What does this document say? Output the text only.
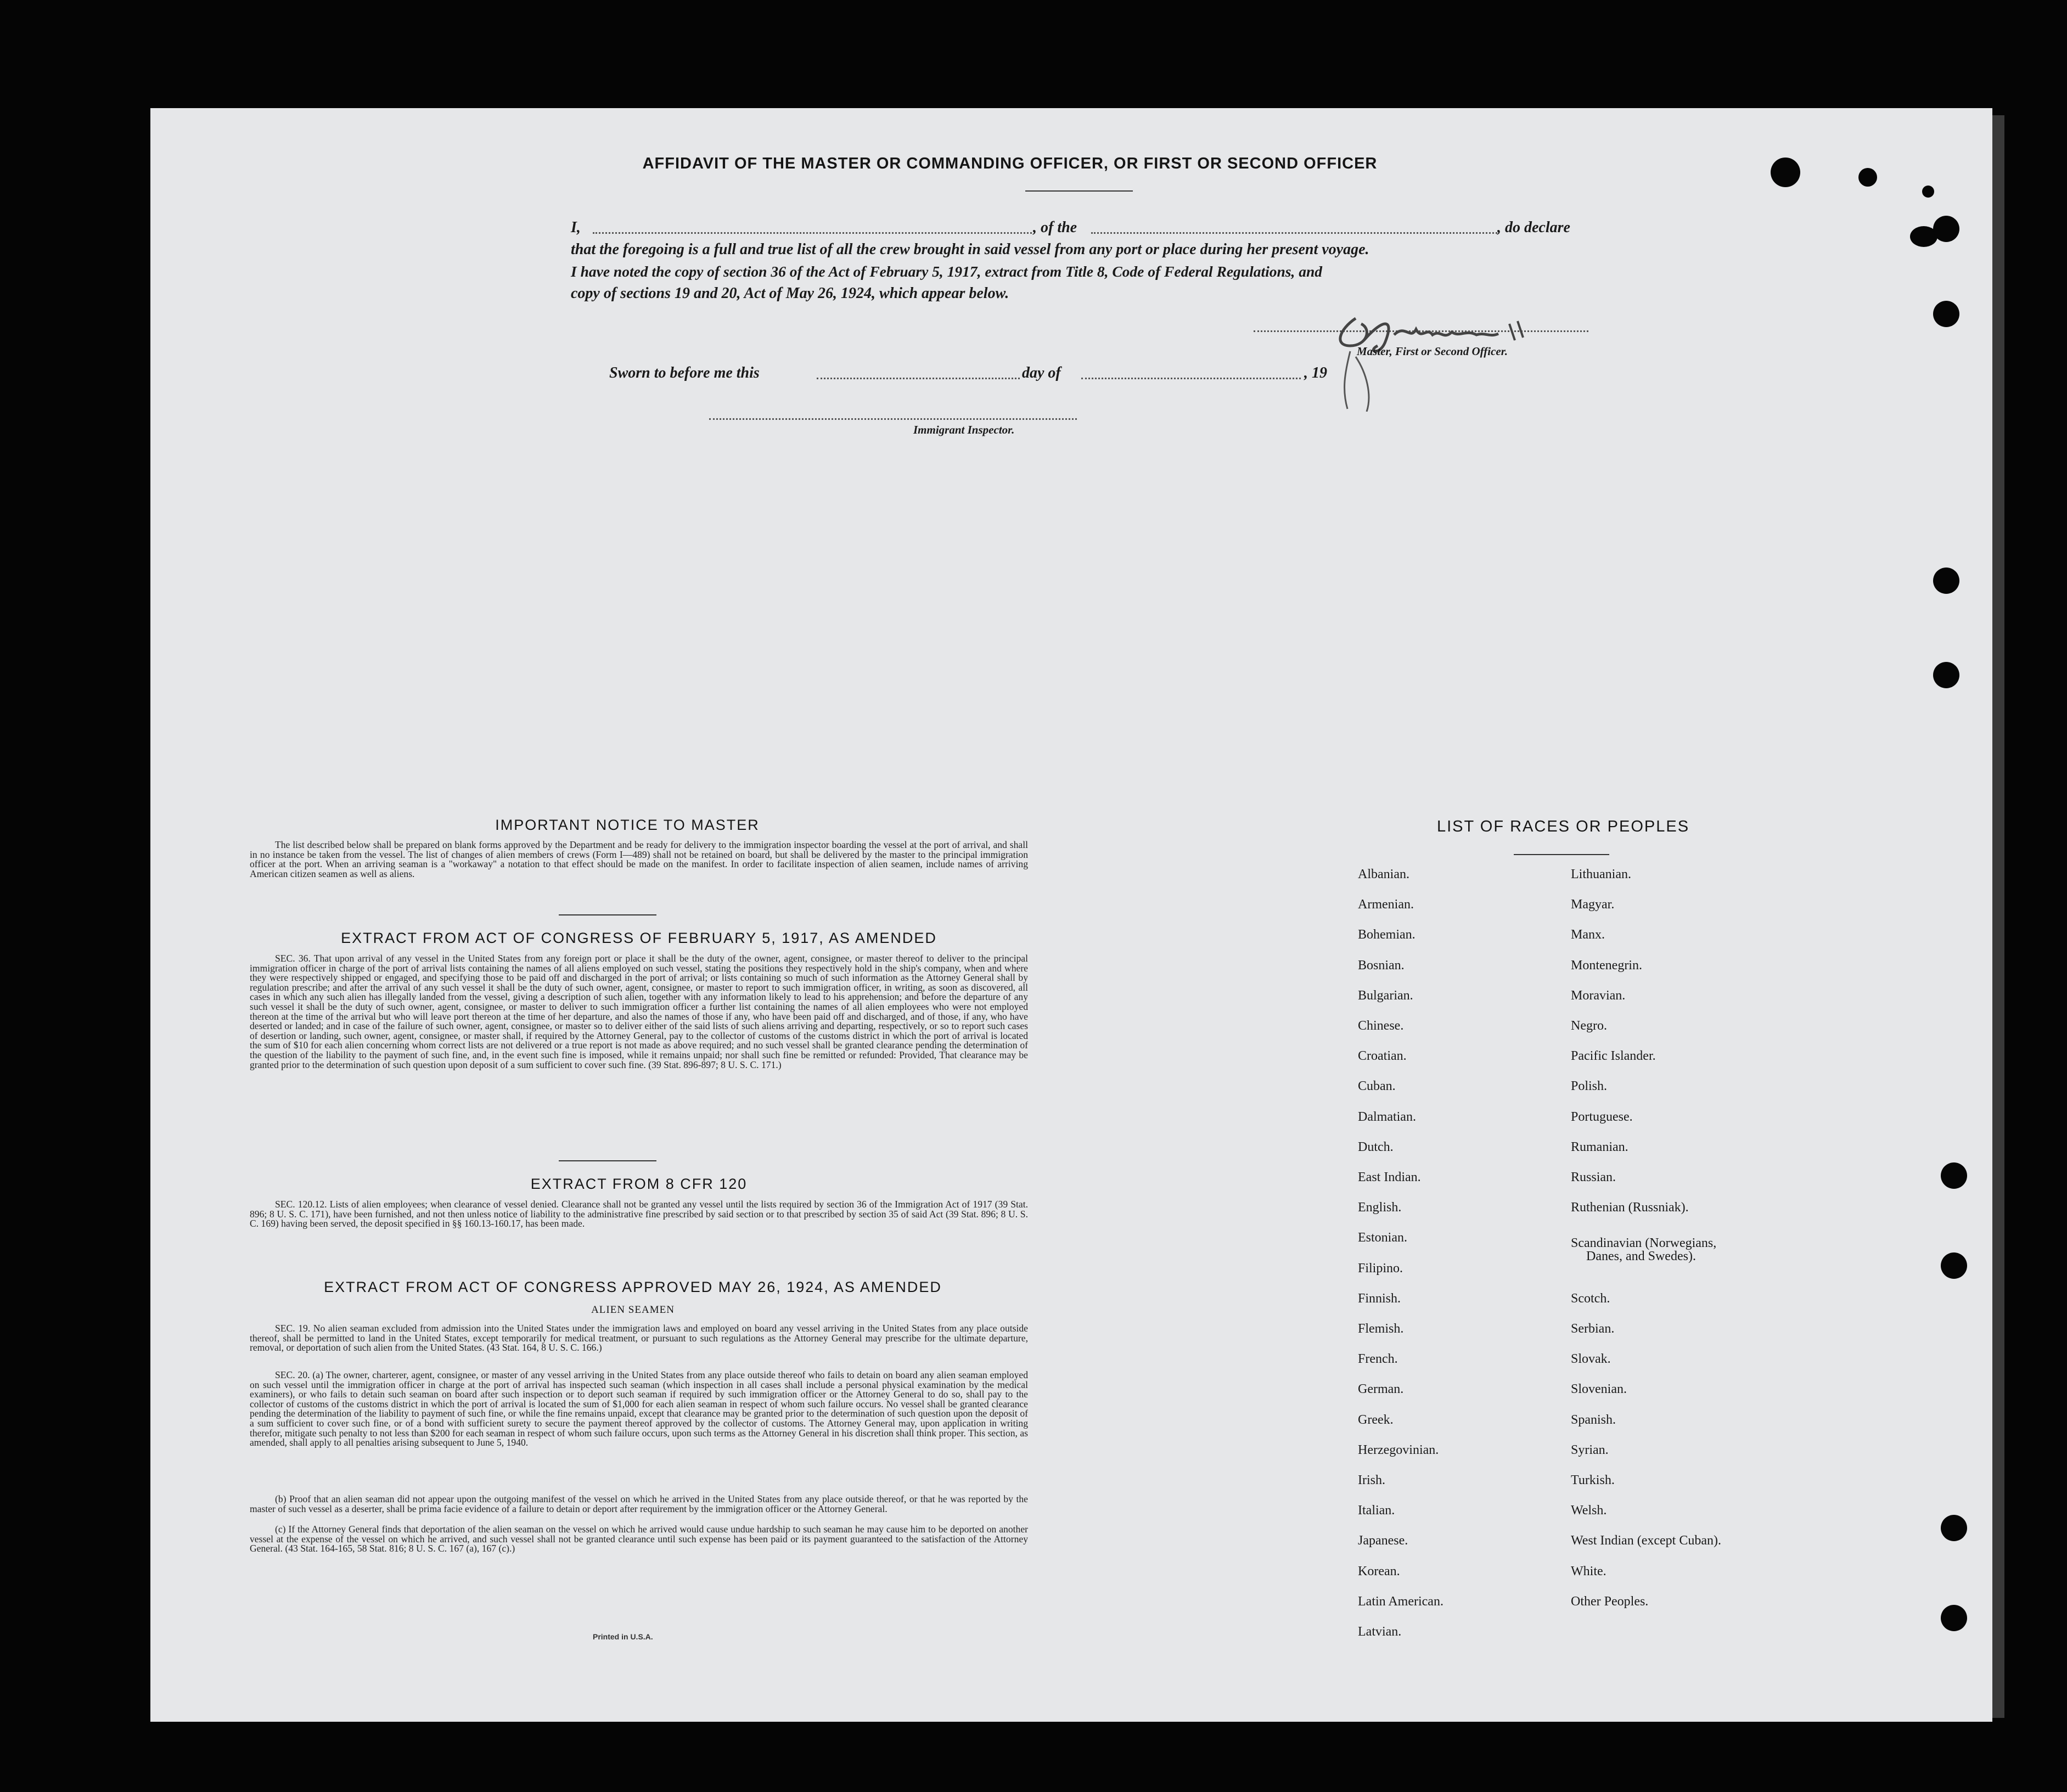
AFFIDAVIT OF THE MASTER OR COMMANDING OFFICER, OR FIRST OR SECOND OFFICER
I,	, of the	, do declare
that the foregoing is a full and true list of all the crew brought in said vessel from any port or place during her present voyage.
I have noted the copy of section 36 of the Act of February 5, 1917, extract from Title 8, Code of Federal Regulations, and
copy of sections 19 and 20, Act of May 26, 1924, which appear below.
Master, First or Second Officer.
Sworn to before me this	day of	, 19
Immigrant Inspector.
IMPORTANT NOTICE TO MASTER
The list described below shall be prepared on blank forms approved by the Department and be ready for delivery to the immigration inspector boarding the vessel at the port of arrival, and shall in no instance be taken from the vessel. The list of changes of alien members of crews (Form I—489) shall not be retained on board, but shall be delivered by the master to the principal immigration officer at the port. When an arriving seaman is a "workaway" a notation to that effect should be made on the manifest. In order to facilitate inspection of alien seamen, include names of arriving American citizen seamen as well as aliens.
EXTRACT FROM ACT OF CONGRESS OF FEBRUARY 5, 1917, AS AMENDED
SEC. 36. That upon arrival of any vessel in the United States from any foreign port or place it shall be the duty of the owner, agent, consignee, or master thereof to deliver to the principal immigration officer in charge of the port of arrival lists containing the names of all aliens employed on such vessel, stating the positions they respectively hold in the ship's company, when and where they were respectively shipped or engaged, and specifying those to be paid off and discharged in the port of arrival; or lists containing so much of such information as the Attorney General shall by regulation prescribe; and after the arrival of any such vessel it shall be the duty of such owner, agent, consignee, or master to report to such immigration officer, in writing, as soon as discovered, all cases in which any such alien has illegally landed from the vessel, giving a description of such alien, together with any information likely to lead to his apprehension; and before the departure of any such vessel it shall be the duty of such owner, agent, consignee, or master to deliver to such immigration officer a further list containing the names of all alien employees who were not employed thereon at the time of the arrival but who will leave port thereon at the time of her departure, and also the names of those if any, who have been paid off and discharged, and of those, if any, who have deserted or landed; and in case of the failure of such owner, agent, consignee, or master so to deliver either of the said lists of such aliens arriving and departing, respectively, or so to report such cases of desertion or landing, such owner, agent, consignee, or master shall, if required by the Attorney General, pay to the collector of customs of the customs district in which the port of arrival is located the sum of $10 for each alien concerning whom correct lists are not delivered or a true report is not made as above required; and no such vessel shall be granted clearance pending the determination of the question of the liability to the payment of such fine, and, in the event such fine is imposed, while it remains unpaid; nor shall such fine be remitted or refunded: Provided, That clearance may be granted prior to the determination of such question upon deposit of a sum sufficient to cover such fine. (39 Stat. 896-897; 8 U. S. C. 171.)
EXTRACT FROM 8 CFR 120
SEC. 120.12. Lists of alien employees; when clearance of vessel denied. Clearance shall not be granted any vessel until the lists required by section 36 of the Immigration Act of 1917 (39 Stat. 896; 8 U. S. C. 171), have been furnished, and not then unless notice of liability to the administrative fine prescribed by said section or to that prescribed by section 35 of said Act (39 Stat. 896; 8 U. S. C. 169) having been served, the deposit specified in §§ 160.13-160.17, has been made.
EXTRACT FROM ACT OF CONGRESS APPROVED MAY 26, 1924, AS AMENDED
ALIEN SEAMEN
SEC. 19. No alien seaman excluded from admission into the United States under the immigration laws and employed on board any vessel arriving in the United States from any place outside thereof, shall be permitted to land in the United States, except temporarily for medical treatment, or pursuant to such regulations as the Attorney General may prescribe for the ultimate departure, removal, or deportation of such alien from the United States. (43 Stat. 164, 8 U. S. C. 166.)
SEC. 20. (a) The owner, charterer, agent, consignee, or master of any vessel arriving in the United States from any place outside thereof who fails to detain on board any alien seaman employed on such vessel until the immigration officer in charge at the port of arrival has inspected such seaman (which inspection in all cases shall include a personal physical examination by the medical examiners), or who fails to detain such seaman on board after such inspection or to deport such seaman if required by such immigration officer or the Attorney General to do so, shall pay to the collector of customs of the customs district in which the port of arrival is located the sum of $1,000 for each alien seaman in respect of whom such failure occurs. No vessel shall be granted clearance pending the determination of the liability to payment of such fine, or while the fine remains unpaid, except that clearance may be granted prior to the determination of such question upon the deposit of a sum sufficient to cover such fine, or of a bond with sufficient surety to secure the payment thereof approved by the collector of customs. The Attorney General may, upon application in writing therefor, mitigate such penalty to not less than $200 for each seaman in respect of whom such failure occurs, upon such terms as the Attorney General in his discretion shall think proper. This section, as amended, shall apply to all penalties arising subsequent to June 5, 1940.
(b) Proof that an alien seaman did not appear upon the outgoing manifest of the vessel on which he arrived in the United States from any place outside thereof, or that he was reported by the master of such vessel as a deserter, shall be prima facie evidence of a failure to detain or deport after requirement by the immigration officer or the Attorney General.
(c) If the Attorney General finds that deportation of the alien seaman on the vessel on which he arrived would cause undue hardship to such seaman he may cause him to be deported on another vessel at the expense of the vessel on which he arrived, and such vessel shall not be granted clearance until such expense has been paid or its payment guaranteed to the satisfaction of the Attorney General. (43 Stat. 164-165, 58 Stat. 816; 8 U. S. C. 167 (a), 167 (c).)
Printed in U.S.A.
LIST OF RACES OR PEOPLES
Albanian.
Armenian.
Bohemian.
Bosnian.
Bulgarian.
Chinese.
Croatian.
Cuban.
Dalmatian.
Dutch.
East Indian.
English.
Estonian.
Filipino.
Finnish.
Flemish.
French.
German.
Greek.
Herzegovinian.
Irish.
Italian.
Japanese.
Korean.
Latin American.
Latvian.
Lithuanian.
Magyar.
Manx.
Montenegrin.
Moravian.
Negro.
Pacific Islander.
Polish.
Portuguese.
Rumanian.
Russian.
Ruthenian (Russniak).
Scandinavian (Norwegians,
Danes, and Swedes).
Scotch.
Serbian.
Slovak.
Slovenian.
Spanish.
Syrian.
Turkish.
Welsh.
West Indian (except Cuban).
White.
Other Peoples.
